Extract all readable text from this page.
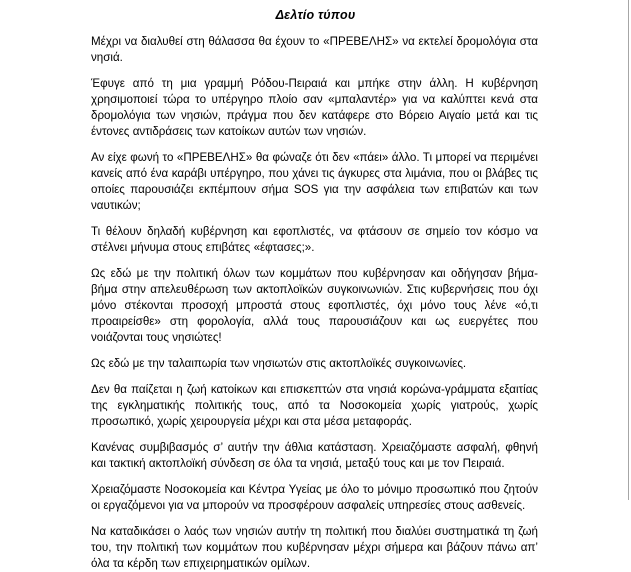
Δελτίο τύπου

Μέχρι να διαλυθεί στη θάλασσα θα έχουν το «ΠΡΕΒΕΛΗΣ» να εκτελεί δρομολόγια στα νησιά.

Έφυγε από τη μια γραμμή Ρόδου-Πειραιά και μπήκε στην άλλη. Η κυβέρνηση χρησιμοποιεί τώρα το υπέργηρο πλοίο σαν «μπαλαντέρ» για να καλύπτει κενά στα δρομολόγια των νησιών, πράγμα που δεν κατάφερε στο Βόρειο Αιγαίο μετά και τις έντονες αντιδράσεις των κατοίκων αυτών των νησιών.

Αν είχε φωνή το «ΠΡΕΒΕΛΗΣ» θα φώναζε ότι δεν «πάει» άλλο. Τι μπορεί να περιμένει κανείς από ένα καράβι υπέργηρο, που χάνει τις άγκυρες στα λιμάνια, που οι βλάβες τις οποίες παρουσιάζει εκπέμπουν σήμα SOS για την ασφάλεια των επιβατών και των ναυτικών;

Τι θέλουν δηλαδή κυβέρνηση και εφοπλιστές, να φτάσουν σε σημείο τον κόσμο να στέλνει μήνυμα στους επιβάτες «έφτασες;».

Ως εδώ με την πολιτική όλων των κομμάτων που κυβέρνησαν και οδήγησαν βήμα-βήμα στην απελευθέρωση των ακτοπλοϊκών συγκοινωνιών. Στις κυβερνήσεις που όχι μόνο στέκονται προσοχή μπροστά στους εφοπλιστές, όχι μόνο τους λένε «ό,τι προαιρείσθε» στη φορολογία, αλλά τους παρουσιάζουν και ως ευεργέτες που νοιάζονται τους νησιώτες!

Ως εδώ με την ταλαιπωρία των νησιωτών στις ακτοπλοϊκές συγκοινωνίες.

Δεν θα παίζεται η ζωή κατοίκων και επισκεπτών στα νησιά κορώνα-γράμματα εξαιτίας της εγκληματικής πολιτικής τους, από τα Νοσοκομεία χωρίς γιατρούς, χωρίς προσωπικό, χωρίς χειρουργεία μέχρι και στα μέσα μεταφοράς.

Κανένας συμβιβασμός σ’ αυτήν την άθλια κατάσταση. Χρειαζόμαστε ασφαλή, φθηνή και τακτική ακτοπλοϊκή σύνδεση σε όλα τα νησιά, μεταξύ τους και με τον Πειραιά.

Χρειαζόμαστε Νοσοκομεία και Κέντρα Υγείας με όλο το μόνιμο προσωπικό που ζητούν οι εργαζόμενοι για να μπορούν να προσφέρουν ασφαλείς υπηρεσίες στους ασθενείς.

Να καταδικάσει ο λαός των νησιών αυτήν τη πολιτική που διαλύει συστηματικά τη ζωή του, την πολιτική των κομμάτων που κυβέρνησαν μέχρι σήμερα και βάζουν πάνω απ’ όλα τα κέρδη των επιχειρηματικών ομίλων.
